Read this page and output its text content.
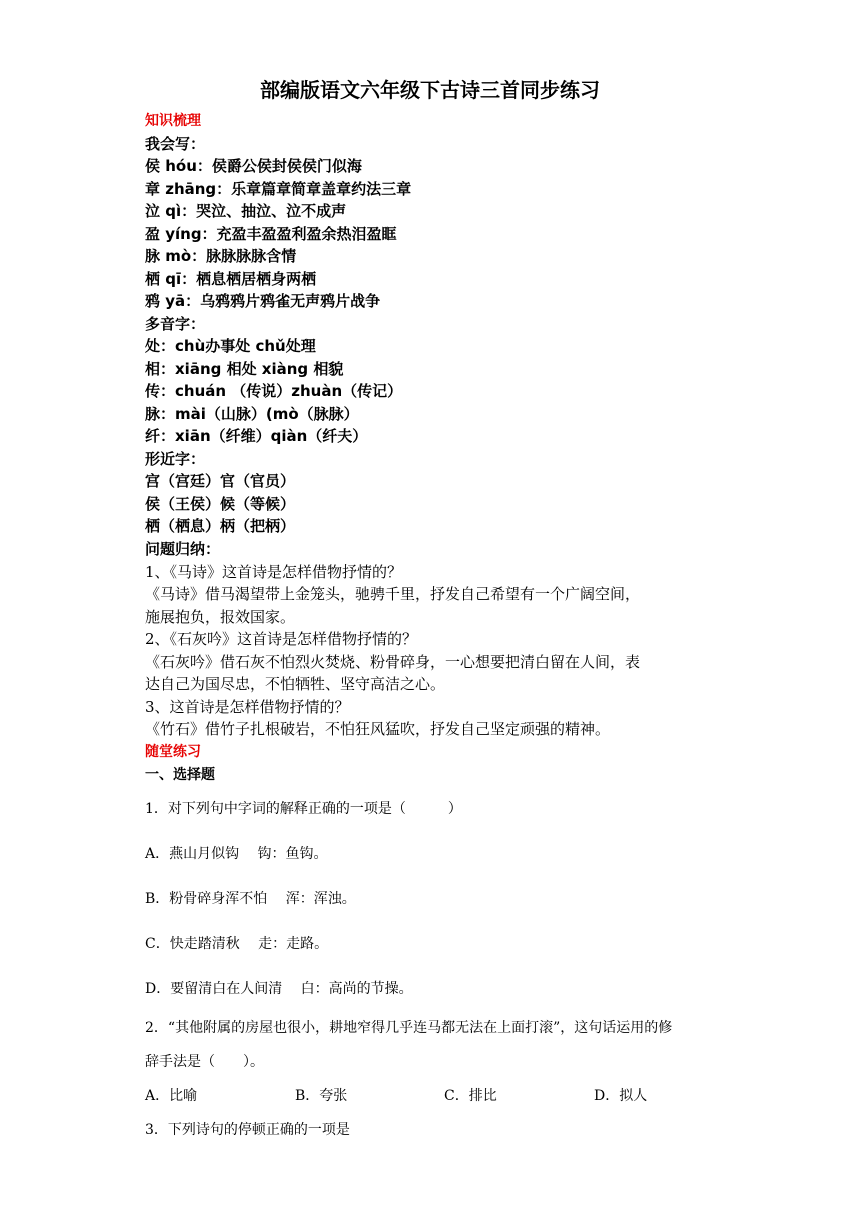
部编版语文六年级下古诗三首同步练习
知识梳理
我会写：
侯 hóu：侯爵公侯封侯侯门似海
章 zhāng：乐章篇章简章盖章约法三章
泣 qì：哭泣、抽泣、泣不成声
盈 yíng：充盈丰盈盈利盈余热泪盈眶
脉 mò：脉脉脉脉含情
栖 qī：栖息栖居栖身两栖
鸦 yā：乌鸦鸦片鸦雀无声鸦片战争
多音字：
处：chù办事处 chǔ处理
相：xiāng 相处 xiàng 相貌
传：chuán （传说）zhuàn（传记）
脉：mài（山脉）(mò（脉脉）
纤：xiān（纤维）qiàn（纤夫）
形近字：
宫（宫廷）官（官员）
侯（王侯）候（等候）
栖（栖息）柄（把柄）
问题归纳：
1、《马诗》这首诗是怎样借物抒情的？
《马诗》借马渴望带上金笼头，驰骋千里，抒发自己希望有一个广阔空间，
施展抱负，报效国家。
2、《石灰吟》这首诗是怎样借物抒情的？
《石灰吟》借石灰不怕烈火焚烧、粉骨碎身，一心想要把清白留在人间，表
达自己为国尽忠，不怕牺牲、坚守高洁之心。
3、这首诗是怎样借物抒情的？
《竹石》借竹子扎根破岩，不怕狂风猛吹，抒发自己坚定顽强的精神。
随堂练习
一、选择题
1．对下列句中字词的解释正确的一项是（　　　）
A．燕山月似钩　 钩：鱼钩。
B．粉骨碎身浑不怕　 浑：浑浊。
C．快走踏清秋　 走：走路。
D．要留清白在人间清　 白：高尚的节操。
2．“其他附属的房屋也很小，耕地窄得几乎连马都无法在上面打滚”，这句话运用的修
辞手法是（　　）。
A．比喻	B．夸张	C．排比	D．拟人
3．下列诗句的停顿正确的一项是
